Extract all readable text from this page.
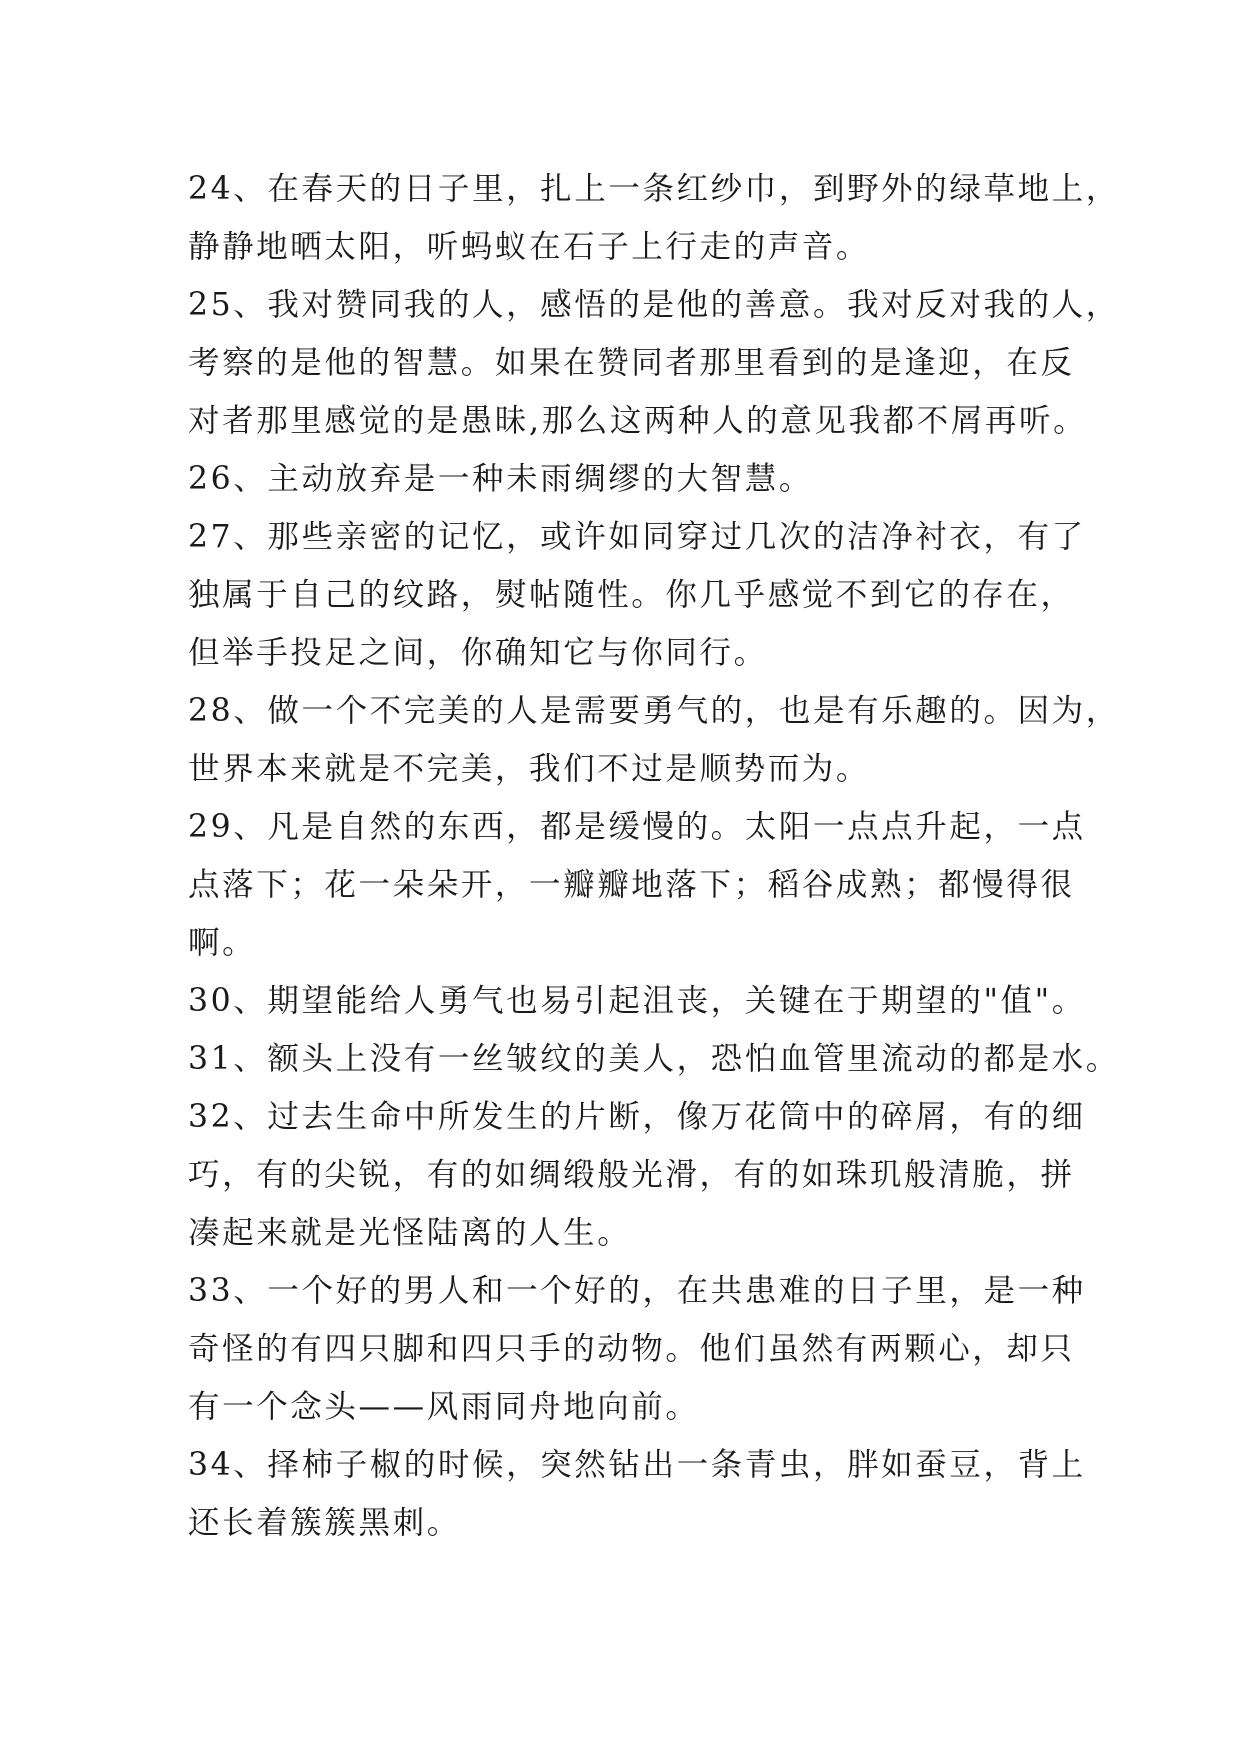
24、在春天的日子里，扎上一条红纱巾，到野外的绿草地上，
静静地晒太阳，听蚂蚁在石子上行走的声音。
25、我对赞同我的人，感悟的是他的善意。我对反对我的人，
考察的是他的智慧。如果在赞同者那里看到的是逢迎，在反
对者那里感觉的是愚昧,那么这两种人的意见我都不屑再听。
26、主动放弃是一种未雨绸缪的大智慧。
27、那些亲密的记忆，或许如同穿过几次的洁净衬衣，有了
独属于自己的纹路，熨帖随性。你几乎感觉不到它的存在，
但举手投足之间，你确知它与你同行。
28、做一个不完美的人是需要勇气的，也是有乐趣的。因为，
世界本来就是不完美，我们不过是顺势而为。
29、凡是自然的东西，都是缓慢的。太阳一点点升起，一点
点落下；花一朵朵开，一瓣瓣地落下；稻谷成熟；都慢得很
啊。
30、期望能给人勇气也易引起沮丧，关键在于期望的"值"。
31、额头上没有一丝皱纹的美人，恐怕血管里流动的都是水。
32、过去生命中所发生的片断，像万花筒中的碎屑，有的细
巧，有的尖锐，有的如绸缎般光滑，有的如珠玑般清脆，拼
凑起来就是光怪陆离的人生。
33、一个好的男人和一个好的，在共患难的日子里，是一种
奇怪的有四只脚和四只手的动物。他们虽然有两颗心，却只
有一个念头——风雨同舟地向前。
34、择柿子椒的时候，突然钻出一条青虫，胖如蚕豆，背上
还长着簇簇黑刺。
